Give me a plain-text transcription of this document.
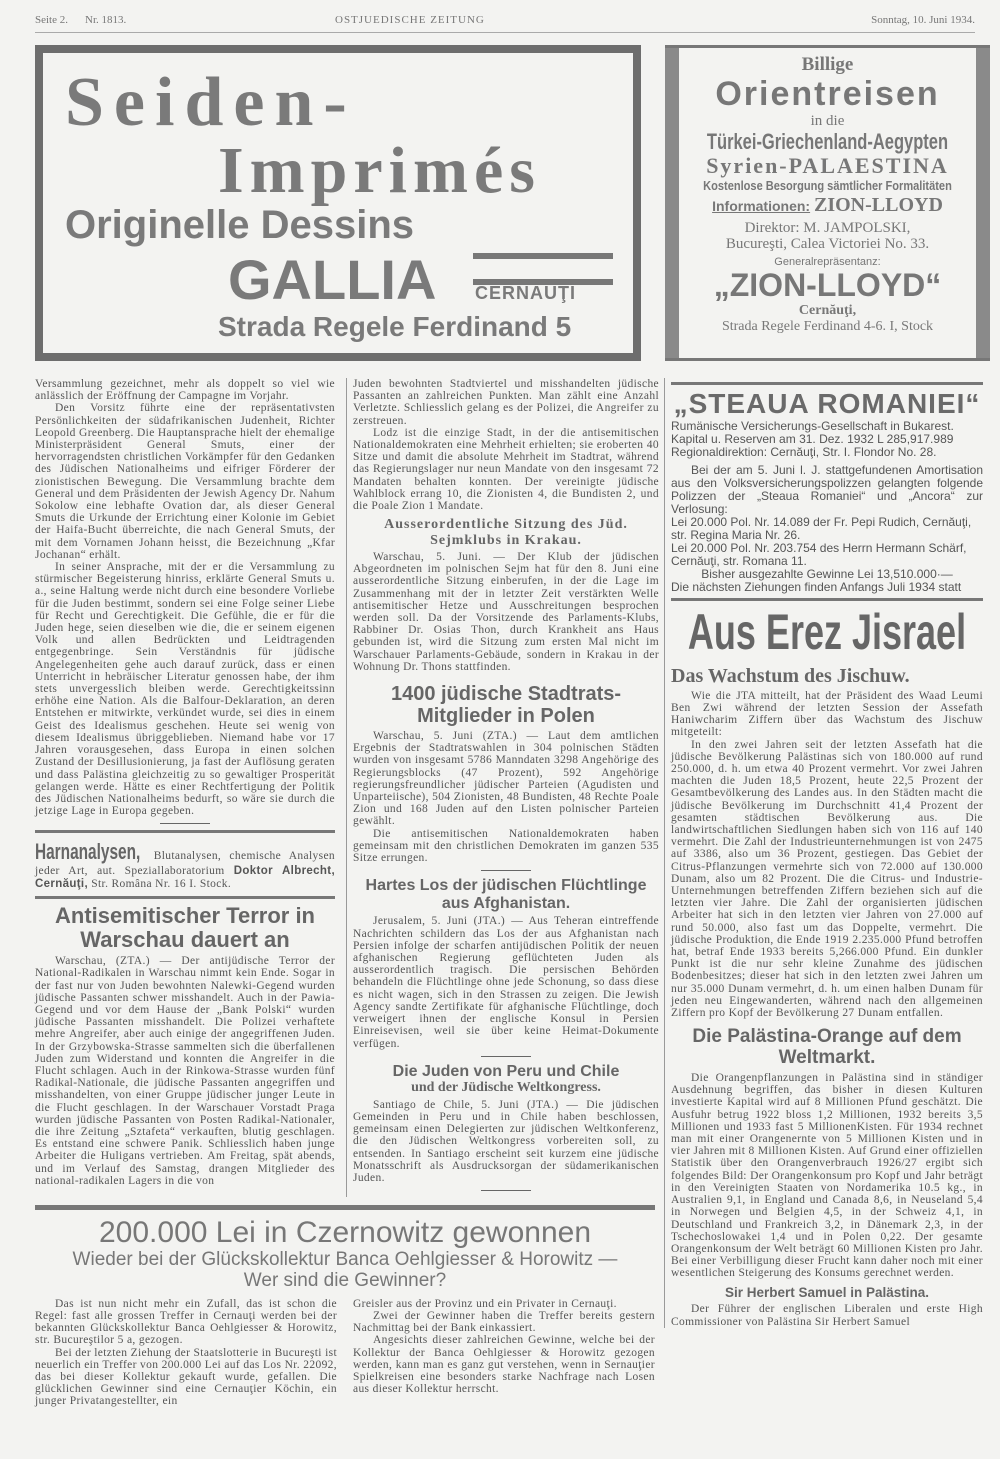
Seite 2. Nr. 1813.	OSTJUEDISCHE ZEITUNG	Sonntag, 10. Juni 1934.
Seiden-
Imprimés
Originelle Dessins
GALLIA CERNAUŢI
Strada Regele Ferdinand 5
Billige
Orientreisen
in die
Türkei-Griechenland-Aegypten
Syrien-PALAESTINA
Kostenlose Besorgung sämtlicher Formalitäten
Informationen: ZION-LLOYD
Direktor: M. JAMPOLSKI,
Bucureşti, Calea Victoriei No. 33.
Generalrepräsentanz:
„ZION-LLOYD“
Cernăuţi,
Strada Regele Ferdinand 4-6. I, Stock

Versammlung gezeichnet, mehr als doppelt so viel wie anlässlich der Eröffnung der Campagne im Vorjahr.

Den Vorsitz führte eine der repräsentativsten Persönlichkeiten der südafrikanischen Judenheit, Richter Leopold Greenberg. Die Hauptansprache hielt der ehemalige Ministerpräsident General Smuts, einer der hervorragendsten christlichen Vorkämpfer für den Gedanken des Jüdischen Nationalheims und eifriger Förderer der zionistischen Bewegung. Die Versammlung brachte dem General und dem Präsidenten der Jewish Agency Dr. Nahum Sokolow eine lebhafte Ovation dar, als dieser General Smuts die Urkunde der Errichtung einer Kolonie im Gebiet der Haifa-Bucht überreichte, die nach General Smuts, der mit dem Vornamen Johann heisst, die Bezeichnung „Kfar Jochanan“ erhält.

In seiner Ansprache, mit der er die Versammlung zu stürmischer Begeisterung hinriss, erklärte General Smuts u. a., seine Haltung werde nicht durch eine besondere Vorliebe für die Juden bestimmt, sondern sei eine Folge seiner Liebe für Recht und Gerechtigkeit. Die Gefühle, die er für die Juden hege, seien dieselben wie die, die er seinem eigenen Volk und allen Bedrückten und Leidtragenden entgegenbringe. Sein Verständnis für jüdische Angelegenheiten gehe auch darauf zurück, dass er einen Unterricht in hebräischer Literatur genossen habe, der ihm stets unvergesslich bleiben werde. Gerechtigkeitssinn erhöhe eine Nation. Als die Balfour-Deklaration, an deren Entstehen er mitwirkte, verkündet wurde, sei dies in einem Geist des Idealismus geschehen. Heute sei wenig von diesem Idealismus übriggeblieben. Niemand habe vor 17 Jahren vorausgesehen, dass Europa in einen solchen Zustand der Desillusionierung, ja fast der Auflösung geraten und dass Palästina gleichzeitig zu so gewaltiger Prosperität gelangen werde. Hätte es einer Rechtfertigung der Politik des Jüdischen Nationalheims bedurft, so wäre sie durch die jetzige Lage in Europa gegeben.

Harnanalysen, Blutanalysen, chemische Analysen jeder Art, aut. Speziallaboratorium Doktor Albrecht, Cernăuţi, Str. Româna Nr. 16 I. Stock.
Antisemitischer Terror in Warschau dauert an

Warschau, (ZTA.) — Der antijüdische Terror der National-Radikalen in Warschau nimmt kein Ende. Sogar in der fast nur von Juden bewohnten Nalewki-Gegend wurden jüdische Passanten schwer misshandelt. Auch in der Pawia-Gegend und vor dem Hause der „Bank Polski“ wurden jüdische Passanten misshandelt. Die Polizei verhaftete mehre Angreifer, aber auch einige der angegriffenen Juden. In der Grzybowska-Strasse sammelten sich die überfallenen Juden zum Widerstand und konnten die Angreifer in die Flucht schlagen. Auch in der Rinkowa-Strasse wurden fünf Radikal-Nationale, die jüdische Passanten angegriffen und misshandelten, von einer Gruppe jüdischer junger Leute in die Flucht geschlagen. In der Warschauer Vorstadt Praga wurden jüdische Passanten von Posten Radikal-Nationaler, die ihre Zeitung „Sztafeta“ verkauften, blutig geschlagen. Es entstand eine schwere Panik. Schliesslich haben junge Arbeiter die Huligans vertrieben. Am Freitag, spät abends, und im Verlauf des Samstag, drangen Mitglieder des national-radikalen Lagers in die von

Juden bewohnten Stadtviertel und misshandelten jüdische Passanten an zahlreichen Punkten. Man zählt eine Anzahl Verletzte. Schliesslich gelang es der Polizei, die Angreifer zu zerstreuen.

Lodz ist die einzige Stadt, in der die antisemitischen Nationaldemokraten eine Mehrheit erhielten; sie eroberten 40 Sitze und damit die absolute Mehrheit im Stadtrat, während das Regierungslager nur neun Mandate von den insgesamt 72 Mandaten behalten konnten. Der vereinigte jüdische Wahlblock errang 10, die Zionisten 4, die Bundisten 2, und die Poale Zion 1 Mandate.

Ausserordentliche Sitzung des Jüd. Sejmklubs in Krakau.

Warschau, 5. Juni. — Der Klub der jüdischen Abgeordneten im polnischen Sejm hat für den 8. Juni eine ausserordentliche Sitzung einberufen, in der die Lage im Zusammenhang mit der in letzter Zeit verstärkten Welle antisemitischer Hetze und Ausschreitungen besprochen werden soll. Da der Vorsitzende des Parlaments-Klubs, Rabbiner Dr. Osias Thon, durch Krankheit ans Haus gebunden ist, wird die Sitzung zum ersten Mal nicht im Warschauer Parlaments-Gebäude, sondern in Krakau in der Wohnung Dr. Thons stattfinden.

1400 jüdische Stadtrats-Mitglieder in Polen

Warschau, 5. Juni (ZTA.) — Laut dem amtlichen Ergebnis der Stadtratswahlen in 304 polnischen Städten wurden von insgesamt 5786 Manndaten 3298 Angehörige des Regierungsblocks (47 Prozent), 592 Angehörige regierungsfreundlicher jüdischer Parteien (Agudisten und Unparteiische), 504 Zionisten, 48 Bundisten, 48 Rechte Poale Zion und 168 Juden auf den Listen polnischer Parteien gewählt.

Die antisemitischen Nationaldemokraten haben gemeinsam mit den christlichen Demokraten im ganzen 535 Sitze errungen.

Hartes Los der jüdischen Flüchtlinge aus Afghanistan.

Jerusalem, 5. Juni (JTA.) — Aus Teheran eintreffende Nachrichten schildern das Los der aus Afghanistan nach Persien infolge der scharfen antijüdischen Politik der neuen afghanischen Regierung geflüchteten Juden als ausserordentlich tragisch. Die persischen Behörden behandeln die Flüchtlinge ohne jede Schonung, so dass diese es nicht wagen, sich in den Strassen zu zeigen. Die Jewish Agency sandte Zertifikate für afghanische Flüchtlinge, doch verweigert ihnen der englische Konsul in Persien Einreisevisen, weil sie über keine Heimat-Dokumente verfügen.

Die Juden von Peru und Chile
und der Jüdische Weltkongress.

Santiago de Chile, 5. Juni (JTA.) — Die jüdischen Gemeinden in Peru und in Chile haben beschlossen, gemeinsam einen Delegierten zur jüdischen Weltkonferenz, die den Jüdischen Weltkongress vorbereiten soll, zu entsenden. In Santiago erscheint seit kurzem eine jüdische Monatsschrift als Ausdrucksorgan der südamerikanischen Juden.

„STEAUA ROMANIEI“
Rumänische Versicherungs-Gesellschaft in Bukarest.
Kapital u. Reserven am 31. Dez. 1932 L 285,917.989
Regionaldirektion: Cernăuţi, Str. I. Flondor No. 28.

Bei der am 5. Juni l. J. stattgefundenen Amortisation aus den Volksversicherungspolizzen gelangten folgende Polizzen der „Steaua Romaniei“ und „Ancora“ zur Verlosung:

Lei 20.000 Pol. Nr. 14.089 der Fr. Pepi Rudich, Cernăuţi, str. Regina Maria Nr. 26.
Lei 20.000 Pol. Nr. 203.754 des Herrn Hermann Schärf, Cernăuţi, str. Romana 11.
Bisher ausgezahlte Gewinne Lei 13,510.000·—
Die nächsten Ziehungen finden Anfangs Juli 1934 statt
Aus Erez Jisrael
Das Wachstum des Jischuw.

Wie die JTA mitteilt, hat der Präsident des Waad Leumi Ben Zwi während der letzten Session der Assefath Haniwcharim Ziffern über das Wachstum des Jischuw mitgeteilt:

In den zwei Jahren seit der letzten Assefath hat die jüdische Bevölkerung Palästinas sich von 180.000 auf rund 250.000, d. h. um etwa 40 Prozent vermehrt. Vor zwei Jahren machten die Juden 18,5 Prozent, heute 22,5 Prozent der Gesamtbevölkerung des Landes aus. In den Städten macht die jüdische Bevölkerung im Durchschnitt 41,4 Prozent der gesamten städtischen Bevölkerung aus. Die landwirtschaftlichen Siedlungen haben sich von 116 auf 140 vermehrt. Die Zahl der Industrieunternehmungen ist von 2475 auf 3386, also um 36 Prozent, gestiegen. Das Gebiet der Citrus-Pflanzungen vermehrte sich von 72.000 auf 130.000 Dunam, also um 82 Prozent. Die die Citrus- und Industrie-Unternehmungen betreffenden Ziffern beziehen sich auf die letzten vier Jahre. Die Zahl der organisierten jüdischen Arbeiter hat sich in den letzten vier Jahren von 27.000 auf rund 50.000, also fast um das Doppelte, vermehrt. Die jüdische Produktion, die Ende 1919 2.235.000 Pfund betroffen hat, betraf Ende 1933 bereits 5,266.000 Pfund. Ein dunkler Punkt ist die nur sehr kleine Zunahme des jüdischen Bodenbesitzes; dieser hat sich in den letzten zwei Jahren um nur 35.000 Dunam vermehrt, d. h. um einen halben Dunam für jeden neu Eingewanderten, während nach den allgemeinen Ziffern pro Kopf der Bevölkerung 27 Dunam entfallen.

Die Palästina-Orange auf dem Weltmarkt.

Die Orangenpflanzungen in Palästina sind in ständiger Ausdehnung begriffen, das bisher in diesen Kulturen investierte Kapital wird auf 8 Millionen Pfund geschätzt. Die Ausfuhr betrug 1922 bloss 1,2 Millionen, 1932 bereits 3,5 Millionen und 1933 fast 5 MillionenKisten. Für 1934 rechnet man mit einer Orangenernte von 5 Millionen Kisten und in vier Jahren mit 8 Millionen Kisten. Auf Grund einer offiziellen Statistik über den Orangenverbrauch 1926/27 ergibt sich folgendes Bild: Der Orangenkonsum pro Kopf und Jahr beträgt in den Vereinigten Staaten von Nordamerika 10.5 kg., in Australien 9,1, in England und Canada 8,6, in Neuseland 5,4 in Norwegen und Belgien 4,5, in der Schweiz 4,1, in Deutschland und Frankreich 3,2, in Dänemark 2,3, in der Tschechoslowakei 1,4 und in Polen 0,22. Der gesamte Orangenkonsum der Welt beträgt 60 Millionen Kisten pro Jahr. Bei einer Verbilligung dieser Frucht kann daher noch mit einer wesentlichen Steigerung des Konsums gerechnet werden.

Sir Herbert Samuel in Palästina.

Der Führer der englischen Liberalen und erste High Commissioner von Palästina Sir Herbert Samuel

200.000 Lei in Czernowitz gewonnen
Wieder bei der Glückskollektur Banca Oehlgiesser & Horowitz —
Wer sind die Gewinner?

Das ist nun nicht mehr ein Zufall, das ist schon die Regel: fast alle grossen Treffer in Cernauţi werden bei der bekannten Glückskollektur Banca Oehlgiesser & Horowitz, str. Bucureştilor 5 a, gezogen.

Bei der letzten Ziehung der Staatslotterie in Bucureşti ist neuerlich ein Treffer von 200.000 Lei auf das Los Nr. 22092, das bei dieser Kollektur gekauft wurde, gefallen. Die glücklichen Gewinner sind eine Cernauţier Köchin, ein junger Privatangestellter, ein

Greisler aus der Provinz und ein Privater in Cernauţi.

Zwei der Gewinner haben die Treffer bereits gestern Nachmittag bei der Bank einkassiert.

Angesichts dieser zahlreichen Gewinne, welche bei der Kollektur der Banca Oehlgiesser & Horowitz gezogen werden, kann man es ganz gut verstehen, wenn in Sernauţier Spielkreisen eine besonders starke Nachfrage nach Losen aus dieser Kollektur herrscht.
